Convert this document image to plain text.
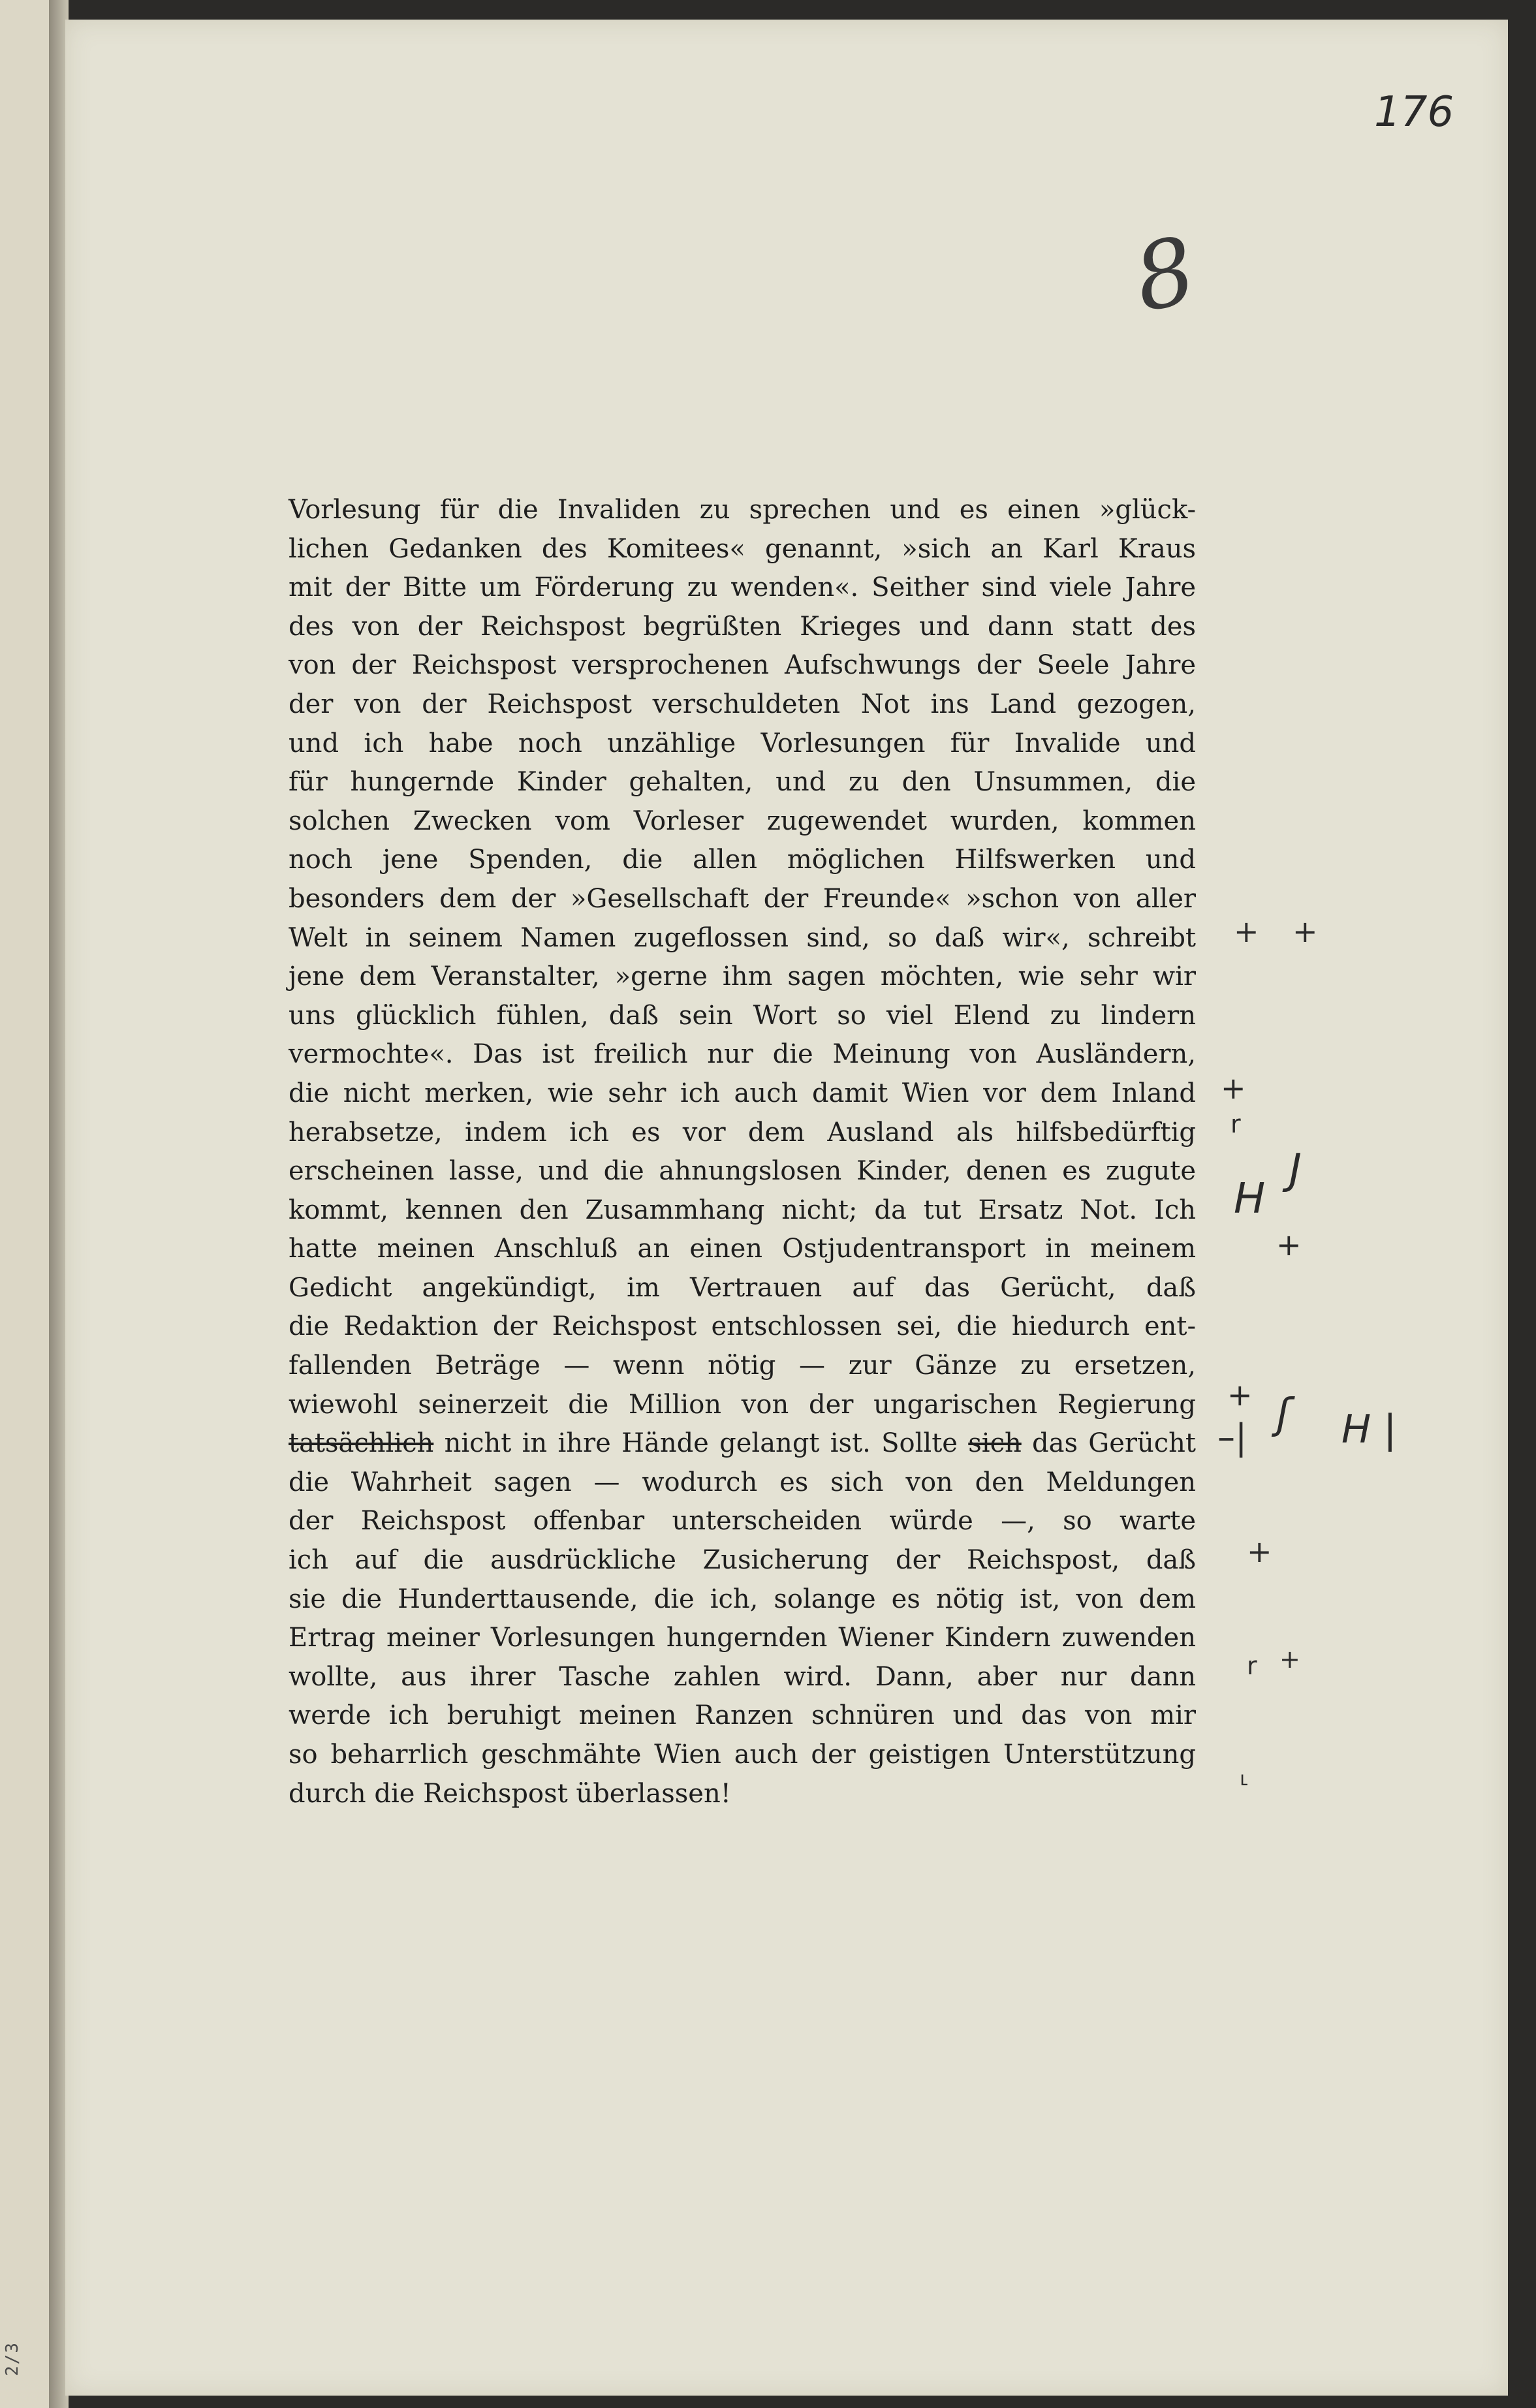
2/3
176
8
Vorlesung für die Invaliden zu sprechen und es einen »glück-
lichen Gedanken des Komitees« genannt, »sich an Karl Kraus
mit der Bitte um Förderung zu wenden«. Seither sind viele Jahre
des von der Reichspost begrüßten Krieges und dann statt des
von der Reichspost versprochenen Aufschwungs der Seele Jahre
der von der Reichspost verschuldeten Not ins Land gezogen,
und ich habe noch unzählige Vorlesungen für Invalide und
für hungernde Kinder gehalten, und zu den Unsummen, die
solchen Zwecken vom Vorleser zugewendet wurden, kommen
noch jene Spenden, die allen möglichen Hilfswerken und
besonders dem der »Gesellschaft der Freunde« »schon von aller
Welt in seinem Namen zugeflossen sind, so daß wir«, schreibt
jene dem Veranstalter, »gerne ihm sagen möchten, wie sehr wir
uns glücklich fühlen, daß sein Wort so viel Elend zu lindern
vermochte«. Das ist freilich nur die Meinung von Ausländern,
die nicht merken, wie sehr ich auch damit Wien vor dem Inland
herabsetze, indem ich es vor dem Ausland als hilfsbedürftig
erscheinen lasse, und die ahnungslosen Kinder, denen es zugute
kommt, kennen den Zusammhang nicht; da tut Ersatz Not. Ich
hatte meinen Anschluß an einen Ostjudentransport in meinem
Gedicht angekündigt, im Vertrauen auf das Gerücht, daß
die Redaktion der Reichspost entschlossen sei, die hiedurch ent-
fallenden Beträge — wenn nötig — zur Gänze zu ersetzen,
wiewohl seinerzeit die Million von der ungarischen Regierung
tatsächlich nicht in ihre Hände gelangt ist. Sollte sich das Gerücht
die Wahrheit sagen — wodurch es sich von den Meldungen
der Reichspost offenbar unterscheiden würde —, so warte
ich auf die ausdrückliche Zusicherung der Reichspost, daß
sie die Hunderttausende, die ich, solange es nötig ist, von dem
Ertrag meiner Vorlesungen hungernden Wiener Kindern zuwenden
wollte, aus ihrer Tasche zahlen wird. Dann, aber nur dann
werde ich beruhigt meinen Ranzen schnüren und das von mir
so beharrlich geschmähte Wien auch der geistigen Unterstützung
durch die Reichspost überlassen!
+ +
+
r
H
J
+
+
–| ʃ H |
+
r +
˪
